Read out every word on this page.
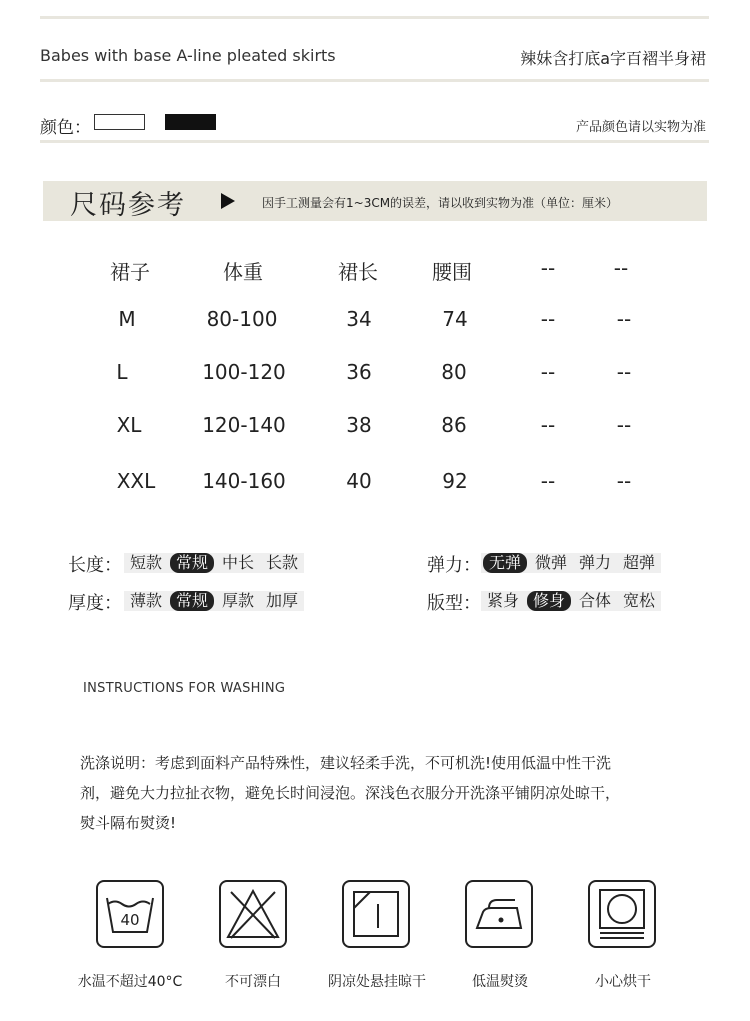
Babes with base A-line pleated skirts	辣妹含打底a字百褶半身裙
颜色：	产品颜色请以实物为准
尺码参考	因手工测量会有1~3CM的误差，请以收到实物为准（单位：厘米）
裙子	体重	裙长	腰围	--	--
M	80-100	34	74	--	--
L	100-120	36	80	--	--
XL	120-140	38	86	--	--
XXL 140-160	40	92	--	--
长度： 短款 常规 中长 长款
厚度： 薄款 常规 厚款 加厚
弹力： 无弹 微弹 弹力 超弹
版型： 紧身 修身 合体 宽松
INSTRUCTIONS FOR WASHING
洗涤说明：考虑到面料产品特殊性，建议轻柔手洗，不可机洗!使用低温中性干洗
剂，避免大力拉扯衣物，避免长时间浸泡。深浅色衣服分开洗涤平铺阴凉处晾干，
熨斗隔布熨烫!
40
水温不超过40°C	不可漂白	阴凉处悬挂晾干	低温熨烫	小心烘干
